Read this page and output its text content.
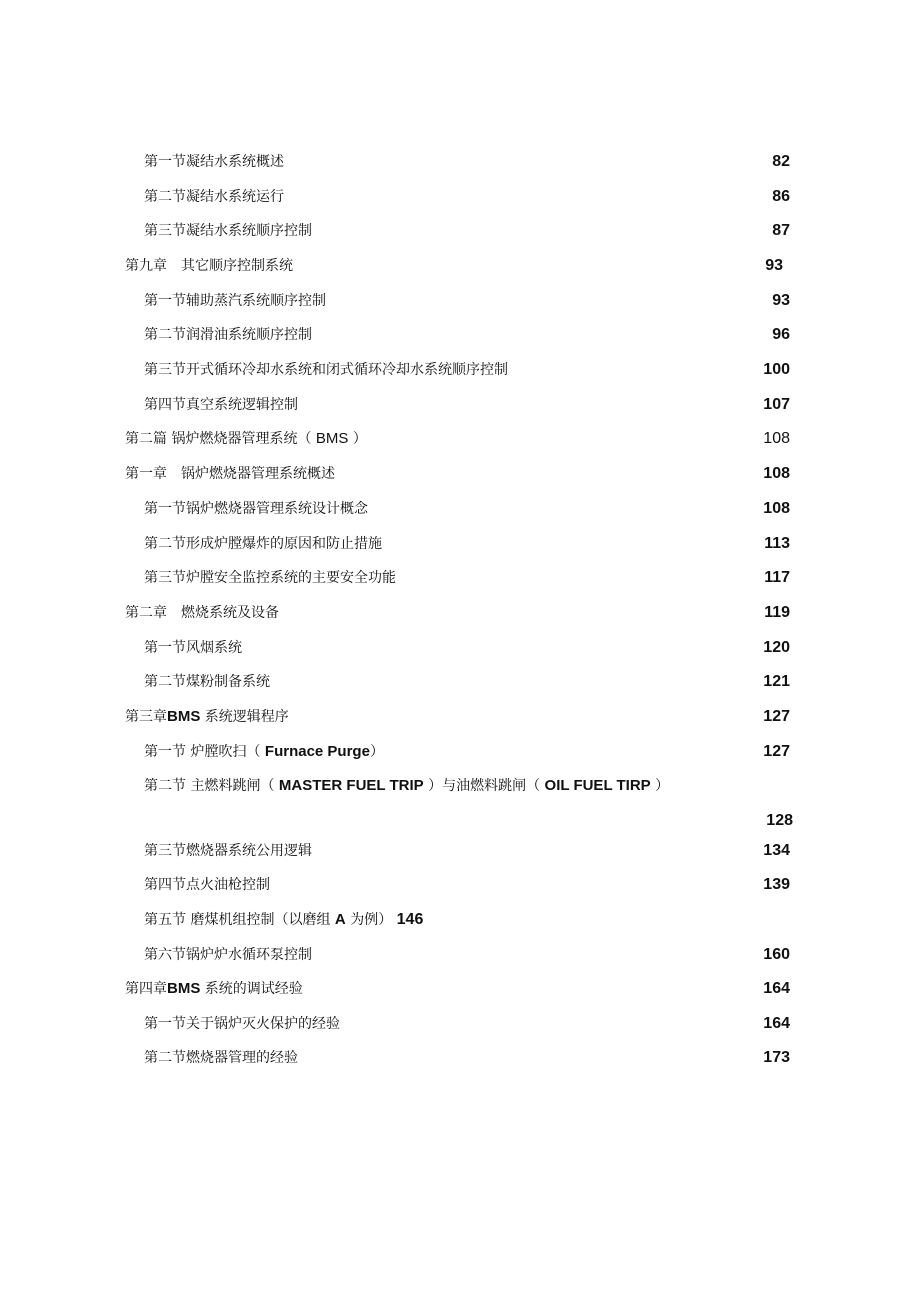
第一节凝结水系统概述	82
第二节凝结水系统运行	86
第三节凝结水系统顺序控制	87
第九章　其它顺序控制系统	93
第一节辅助蒸汽系统顺序控制	93
第二节润滑油系统顺序控制	96
第三节开式循环冷却水系统和闭式循环冷却水系统顺序控制	100
第四节真空系统逻辑控制	107
第二篇 锅炉燃烧器管理系统（ BMS ）	108
第一章　锅炉燃烧器管理系统概述	108
第一节锅炉燃烧器管理系统设计概念	108
第二节形成炉膛爆炸的原因和防止措施	113
第三节炉膛安全监控系统的主要安全功能	117
第二章　燃烧系统及设备	119
第一节风烟系统	120
第二节煤粉制备系统	121
第三章BMS 系统逻辑程序	127
第一节 炉膛吹扫（ Furnace Purge）	127
第二节 主燃料跳闸（ MASTER FUEL TRIP ）与油燃料跳闸（ OIL FUEL TIRP ）
128
第三节燃烧器系统公用逻辑	134
第四节点火油枪控制	139
第五节 磨煤机组控制（以磨组 A 为例） 146
第六节锅炉炉水循环泵控制	160
第四章BMS 系统的调试经验	164
第一节关于锅炉灭火保护的经验	164
第二节燃烧器管理的经验	173
